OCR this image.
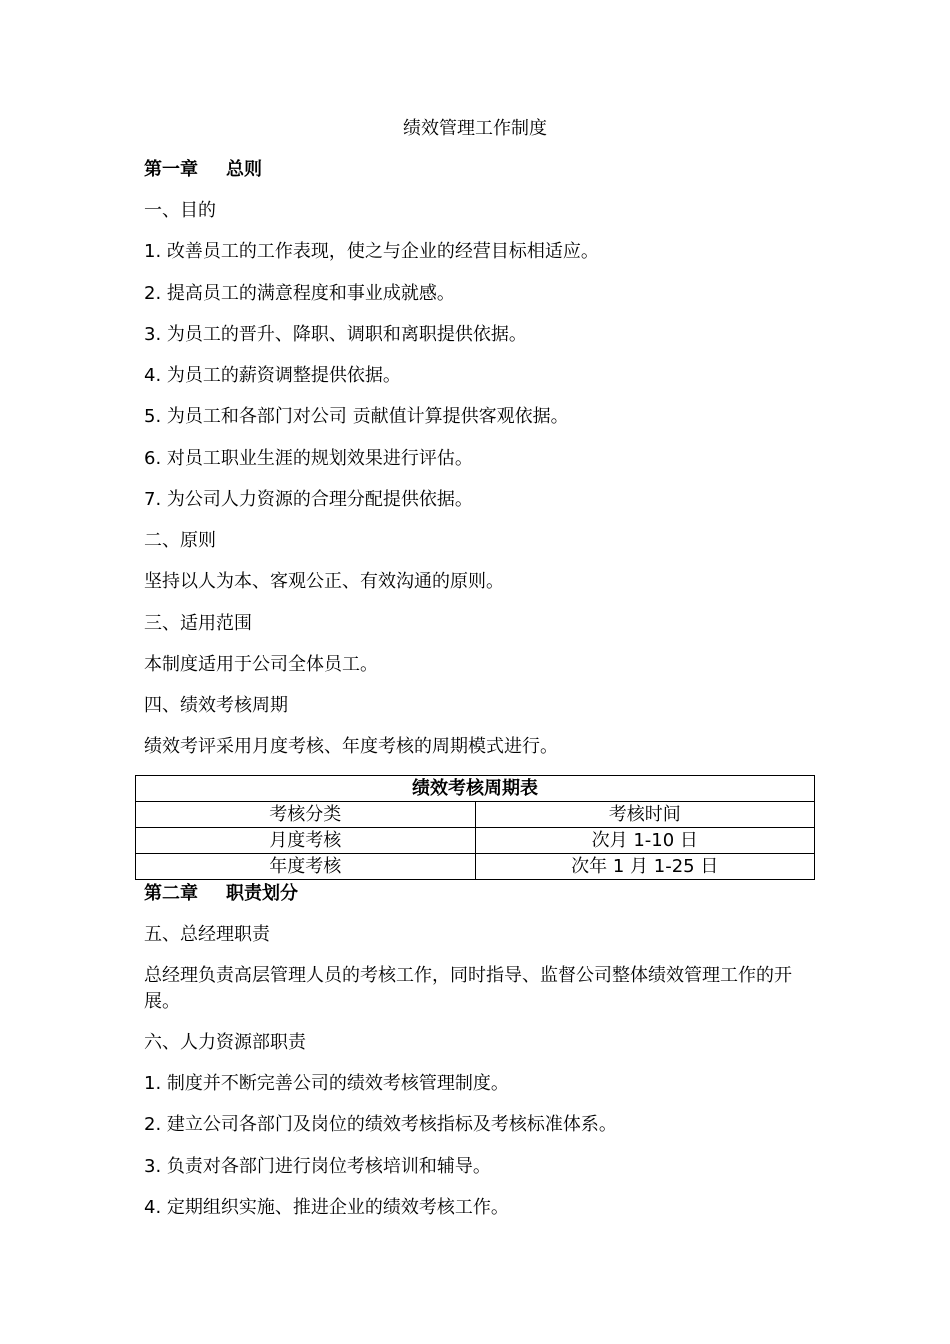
绩效管理工作制度
第一章 总则
一、目的
1. 改善员工的工作表现，使之与企业的经营目标相适应。
2. 提高员工的满意程度和事业成就感。
3. 为员工的晋升、降职、调职和离职提供依据。
4. 为员工的薪资调整提供依据。
5. 为员工和各部门对公司 贡献值计算提供客观依据。
6. 对员工职业生涯的规划效果进行评估。
7. 为公司人力资源的合理分配提供依据。
二、原则
坚持以人为本、客观公正、有效沟通的原则。
三、适用范围
本制度适用于公司全体员工。
四、绩效考核周期
绩效考评采用月度考核、年度考核的周期模式进行。
绩效考核周期表	
考核分类	考核时间
月度考核	次月 1-10 日
年度考核	次年 1 月 1-25 日
第二章 职责划分
五、总经理职责
总经理负责高层管理人员的考核工作，同时指导、监督公司整体绩效管理工作的开展。
六、人力资源部职责
1. 制度并不断完善公司的绩效考核管理制度。
2. 建立公司各部门及岗位的绩效考核指标及考核标准体系。
3. 负责对各部门进行岗位考核培训和辅导。
4. 定期组织实施、推进企业的绩效考核工作。
